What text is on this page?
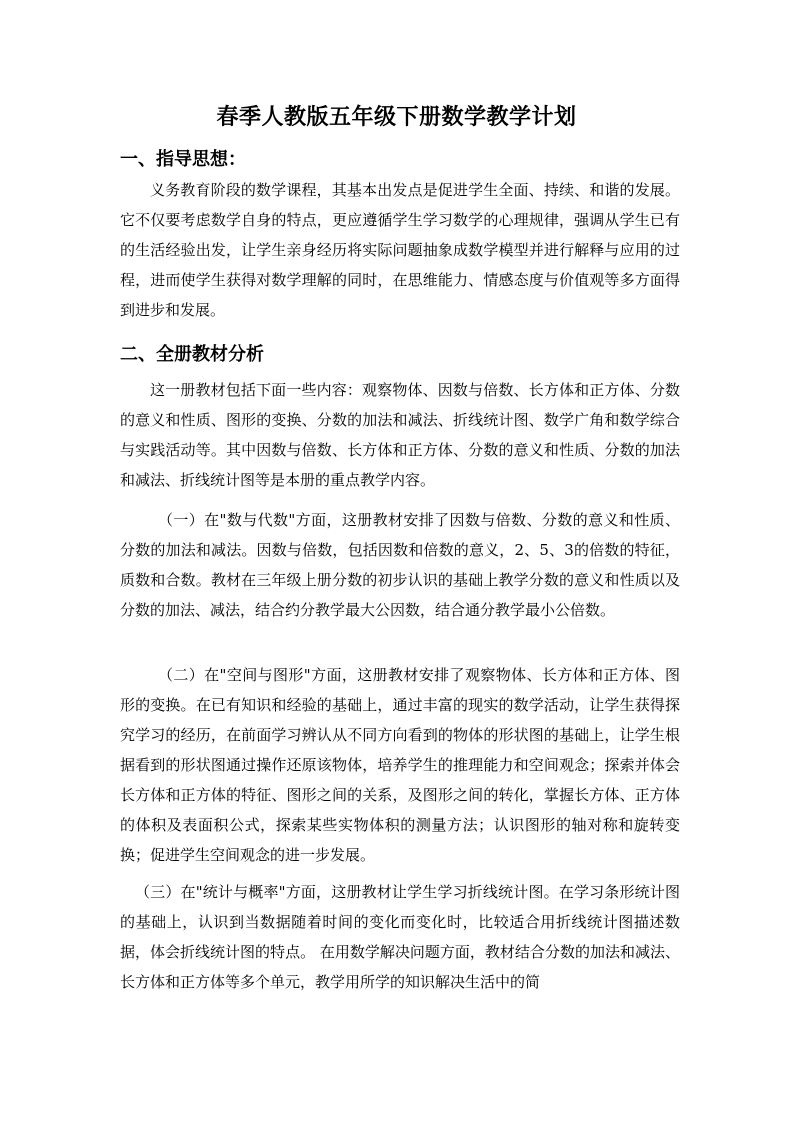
春季人教版五年级下册数学教学计划
一、指导思想：

义务教育阶段的数学课程，其基本出发点是促进学生全面、持续、和谐的发展。它不仅要考虑数学自身的特点，更应遵循学生学习数学的心理规律，强调从学生已有的生活经验出发，让学生亲身经历将实际问题抽象成数学模型并进行解释与应用的过程，进而使学生获得对数学理解的同时，在思维能力、情感态度与价值观等多方面得到进步和发展。

二、全册教材分析

这一册教材包括下面一些内容：观察物体、因数与倍数、长方体和正方体、分数的意义和性质、图形的变换、分数的加法和减法、折线统计图、数学广角和数学综合与实践活动等。其中因数与倍数、长方体和正方体、分数的意义和性质、分数的加法和减法、折线统计图等是本册的重点教学内容。

（一）在"数与代数"方面，这册教材安排了因数与倍数、分数的意义和性质、分数的加法和减法。因数与倍数，包括因数和倍数的意义，2、5、3的倍数的特征，质数和合数。教材在三年级上册分数的初步认识的基础上教学分数的意义和性质以及分数的加法、减法，结合约分教学最大公因数，结合通分教学最小公倍数。

（二）在"空间与图形"方面，这册教材安排了观察物体、长方体和正方体、图形的变换。在已有知识和经验的基础上，通过丰富的现实的数学活动，让学生获得探究学习的经历，在前面学习辨认从不同方向看到的物体的形状图的基础上，让学生根据看到的形状图通过操作还原该物体，培养学生的推理能力和空间观念；探索并体会长方体和正方体的特征、图形之间的关系，及图形之间的转化，掌握长方体、正方体的体积及表面积公式，探索某些实物体积的测量方法；认识图形的轴对称和旋转变换；促进学生空间观念的进一步发展。

（三）在"统计与概率"方面，这册教材让学生学习折线统计图。在学习条形统计图的基础上，认识到当数据随着时间的变化而变化时，比较适合用折线统计图描述数据，体会折线统计图的特点。 在用数学解决问题方面，教材结合分数的加法和减法、长方体和正方体等多个单元，教学用所学的知识解决生活中的简
